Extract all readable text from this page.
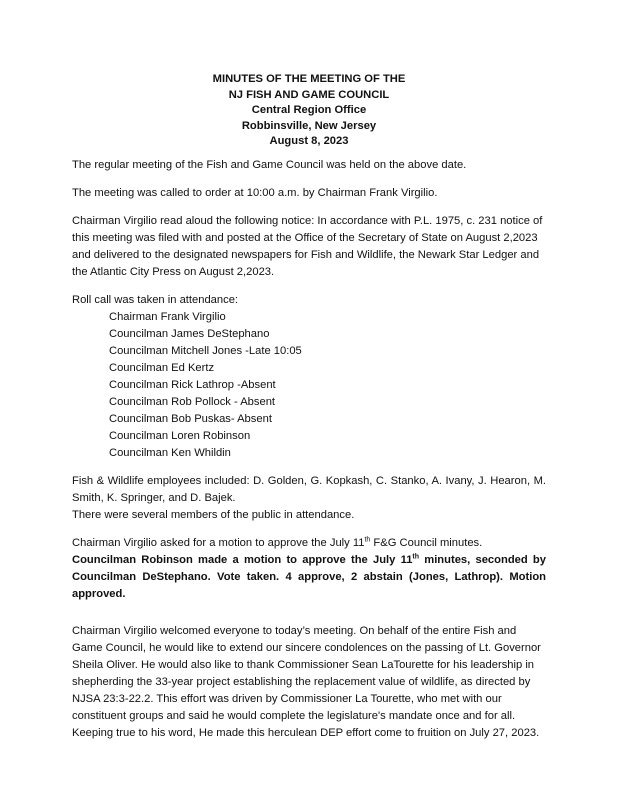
MINUTES OF THE MEETING OF THE
NJ FISH AND GAME COUNCIL
Central Region Office
Robbinsville, New Jersey
August 8, 2023

The regular meeting of the Fish and Game Council was held on the above date.

The meeting was called to order at 10:00 a.m. by Chairman Frank Virgilio.

Chairman Virgilio read aloud the following notice: In accordance with P.L. 1975, c. 231 notice of this meeting was filed with and posted at the Office of the Secretary of State on August 2,2023 and delivered to the designated newspapers for Fish and Wildlife, the Newark Star Ledger and the Atlantic City Press on August 2,2023.

Roll call was taken in attendance:

Chairman Frank Virgilio
Councilman James DeStephano
Councilman Mitchell Jones -Late 10:05
Councilman Ed Kertz
Councilman Rick Lathrop -Absent
Councilman Rob Pollock - Absent
Councilman Bob Puskas- Absent
Councilman Loren Robinson
Councilman Ken Whildin

Fish & Wildlife employees included: D. Golden, G. Kopkash, C. Stanko, A. Ivany, J. Hearon, M. Smith, K. Springer, and D. Bajek.

There were several members of the public in attendance.

Chairman Virgilio asked for a motion to approve the July 11th F&G Council minutes.

Councilman Robinson made a motion to approve the July 11th minutes, seconded by Councilman DeStephano. Vote taken. 4 approve, 2 abstain (Jones, Lathrop). Motion approved.

Chairman Virgilio welcomed everyone to today’s meeting. On behalf of the entire Fish and Game Council, he would like to extend our sincere condolences on the passing of Lt. Governor Sheila Oliver. He would also like to thank Commissioner Sean LaTourette for his leadership in shepherding the 33-year project establishing the replacement value of wildlife, as directed by NJSA 23:3-22.2. This effort was driven by Commissioner La Tourette, who met with our constituent groups and said he would complete the legislature's mandate once and for all. Keeping true to his word, He made this herculean DEP effort come to fruition on July 27, 2023.
